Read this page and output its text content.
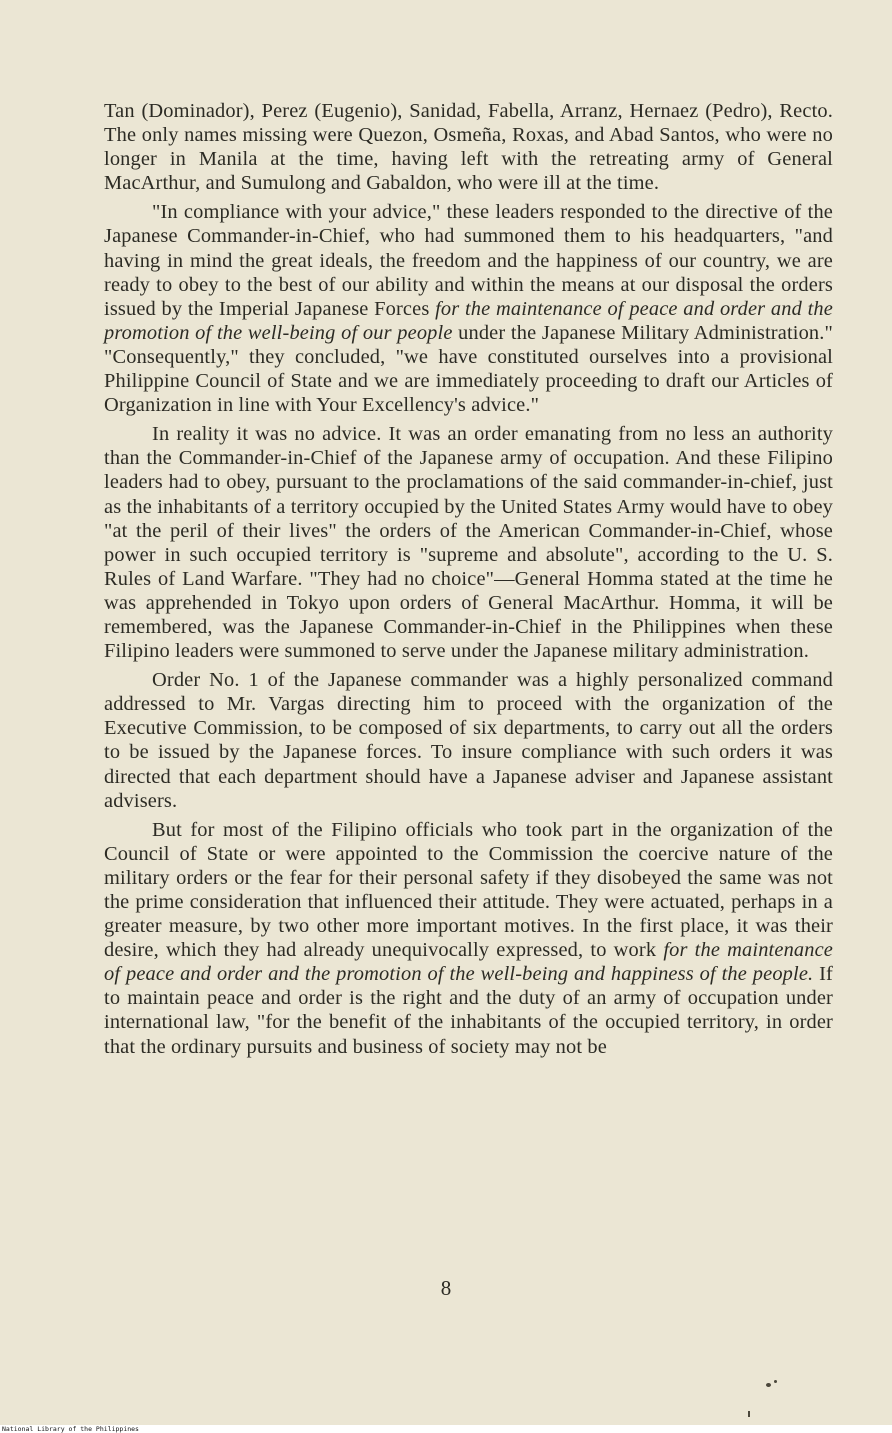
Tan (Dominador), Perez (Eugenio), Sanidad, Fabella, Arranz, Hernaez (Pedro), Recto. The only names missing were Quezon, Osmeña, Roxas, and Abad Santos, who were no longer in Manila at the time, having left with the retreating army of General MacArthur, and Sumulong and Gabaldon, who were ill at the time.

"In compliance with your advice," these leaders responded to the directive of the Japanese Commander-in-Chief, who had summoned them to his headquarters, "and having in mind the great ideals, the freedom and the happiness of our country, we are ready to obey to the best of our ability and within the means at our disposal the orders issued by the Imperial Japanese Forces for the maintenance of peace and order and the promotion of the well-being of our people under the Japanese Military Administration." "Consequently," they concluded, "we have constituted ourselves into a provisional Philippine Council of State and we are immediately proceeding to draft our Articles of Organization in line with Your Excellency's advice."

In reality it was no advice. It was an order emanating from no less an authority than the Commander-in-Chief of the Japanese army of occupation. And these Filipino leaders had to obey, pursuant to the proclamations of the said commander-in-chief, just as the inhabitants of a territory occupied by the United States Army would have to obey "at the peril of their lives" the orders of the American Commander-in-Chief, whose power in such occupied territory is "supreme and absolute", according to the U. S. Rules of Land Warfare. "They had no choice"—General Homma stated at the time he was apprehended in Tokyo upon orders of General MacArthur. Homma, it will be remembered, was the Japanese Commander-in-Chief in the Philippines when these Filipino leaders were summoned to serve under the Japanese military administration.

Order No. 1 of the Japanese commander was a highly personalized command addressed to Mr. Vargas directing him to proceed with the organization of the Executive Commission, to be composed of six departments, to carry out all the orders to be issued by the Japanese forces. To insure compliance with such orders it was directed that each department should have a Japanese adviser and Japanese assistant advisers.

But for most of the Filipino officials who took part in the organization of the Council of State or were appointed to the Commission the coercive nature of the military orders or the fear for their personal safety if they disobeyed the same was not the prime consideration that influenced their attitude. They were actuated, perhaps in a greater measure, by two other more important motives. In the first place, it was their desire, which they had already unequivocally expressed, to work for the maintenance of peace and order and the promotion of the well-being and happiness of the people. If to maintain peace and order is the right and the duty of an army of occupation under international law, "for the benefit of the inhabitants of the occupied territory, in order that the ordinary pursuits and business of society may not be

8
National Library of the Philippines
